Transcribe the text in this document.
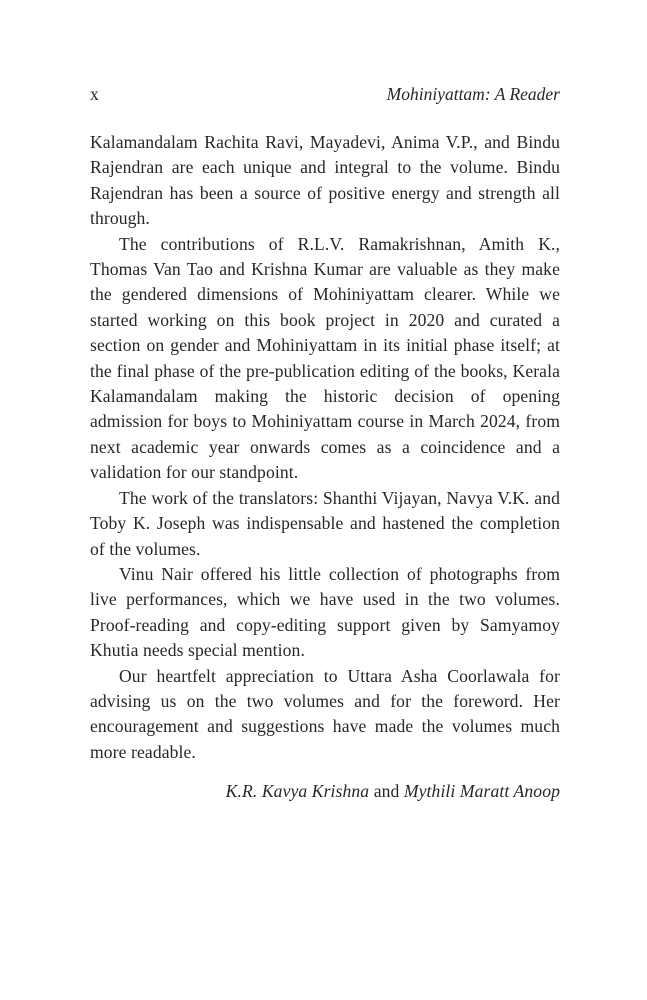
x	Mohiniyattam: A Reader

Kalamandalam Rachita Ravi, Mayadevi, Anima V.P., and Bindu Rajendran are each unique and integral to the volume. Bindu Rajendran has been a source of positive energy and strength all through.

The contributions of R.L.V. Ramakrishnan, Amith K., Thomas Van Tao and Krishna Kumar are valuable as they make the gendered dimensions of Mohiniyattam clearer. While we started working on this book project in 2020 and curated a section on gender and Mohiniyattam in its initial phase itself; at the final phase of the pre-publication editing of the books, Kerala Kalamandalam making the historic decision of opening admission for boys to Mohiniyattam course in March 2024, from next academic year onwards comes as a coincidence and a validation for our standpoint.

The work of the translators: Shanthi Vijayan, Navya V.K. and Toby K. Joseph was indispensable and hastened the completion of the volumes.

Vinu Nair offered his little collection of photographs from live performances, which we have used in the two volumes. Proof-reading and copy-editing support given by Samyamoy Khutia needs special mention.

Our heartfelt appreciation to Uttara Asha Coorlawala for advising us on the two volumes and for the foreword. Her encouragement and suggestions have made the volumes much more readable.

K.R. Kavya Krishna and Mythili Maratt Anoop
